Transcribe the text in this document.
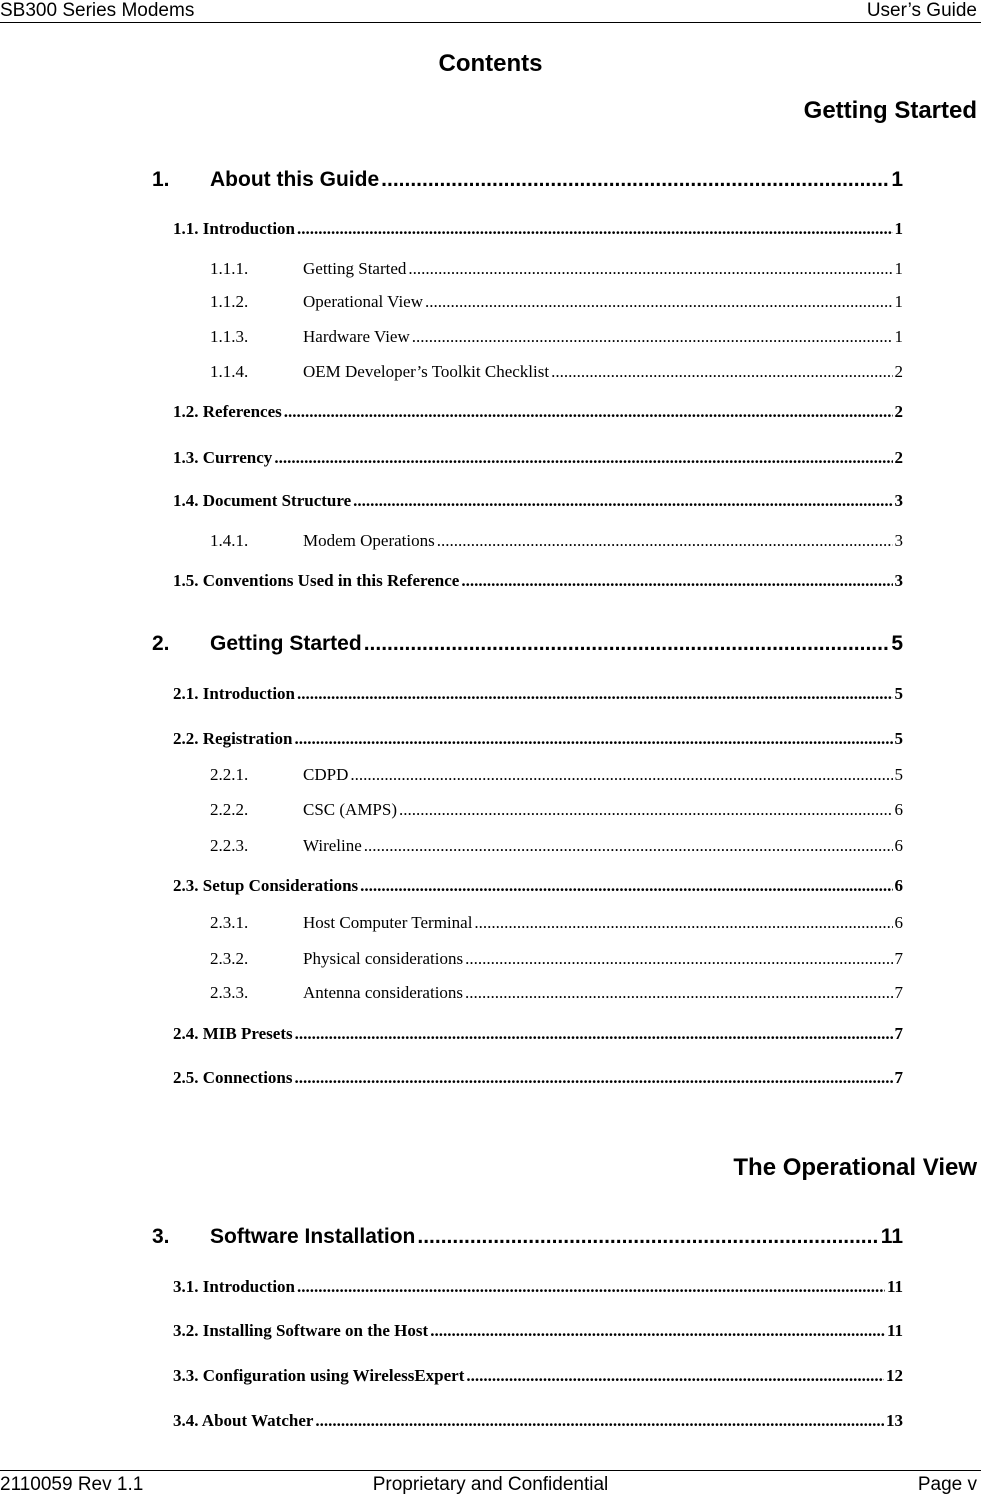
SB300 Series Modems	User’s Guide
Contents
Getting Started
1.	About this Guide .....	1
1.1. Introduction .....	1
1.1.1.	Getting Started .....	1
1.1.2.	Operational View .....	1
1.1.3.	Hardware View .....	1
1.1.4.	OEM Developer’s Toolkit Checklist .....	2
1.2. References .....	2
1.3. Currency .....	2
1.4. Document Structure .....	3
1.4.1.	Modem Operations .....	3
1.5. Conventions Used in this Reference .....	3
2.	Getting Started .....	5
2.1. Introduction .....	5
2.2. Registration .....	5
2.2.1.	CDPD .....	5
2.2.2.	CSC (AMPS) .....	6
2.2.3.	Wireline .....	6
2.3. Setup Considerations .....	6
2.3.1.	Host Computer Terminal .....	6
2.3.2.	Physical considerations .....	7
2.3.3.	Antenna considerations .....	7
2.4. MIB Presets .....	7
2.5. Connections .....	7
The Operational View
3.	Software Installation .....	11
3.1. Introduction .....	11
3.2. Installing Software on the Host .....	11
3.3. Configuration using WirelessExpert .....	12
3.4. About Watcher .....	13
2110059 Rev 1.1	Proprietary and Confidential	Page v
